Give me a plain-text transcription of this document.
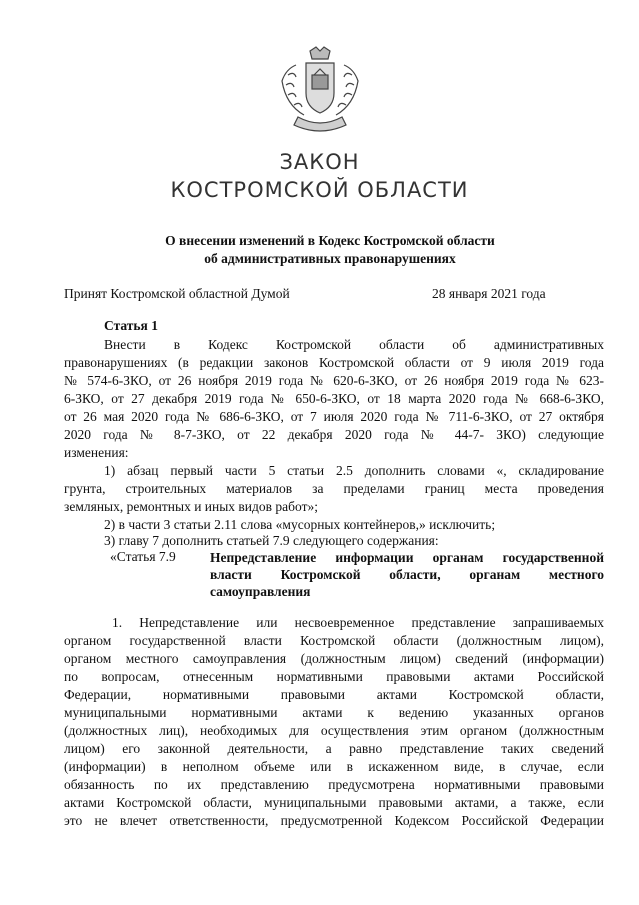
ЗАКОН
КОСТРОМСКОЙ ОБЛАСТИ
О внесении изменений в Кодекс Костромской области
об административных правонарушениях
Принят Костромской областной Думой	28 января 2021 года
Статья 1
Внести в Кодекс Костромской области об административных
правонарушениях (в редакции законов Костромской области от 9 июля 2019 года
№ 574-6-ЗКО, от 26 ноября 2019 года № 620-6-ЗКО, от 26 ноября 2019 года № 623-
6-ЗКО, от 27 декабря 2019 года № 650-6-ЗКО, от 18 марта 2020 года № 668-6-ЗКО,
от 26 мая 2020 года № 686-6-ЗКО, от 7 июля 2020 года № 711-6-ЗКО, от 27 октября
2020 года № 8-7-ЗКО, от 22 декабря 2020 года № 44-7- ЗКО) следующие
изменения:
1) абзац первый части 5 статьи 2.5 дополнить словами «, складирование
грунта, строительных материалов за пределами границ места проведения
земляных, ремонтных и иных видов работ»;
2) в части 3 статьи 2.11 слова «мусорных контейнеров,» исключить;
3) главу 7 дополнить статьей 7.9 следующего содержания:
«Статья 7.9	Непредставление информации органам государственной
власти Костромской области, органам местного
самоуправления
1. Непредставление или несвоевременное представление запрашиваемых
органом государственной власти Костромской области (должностным лицом),
органом местного самоуправления (должностным лицом) сведений (информации)
по вопросам, отнесенным нормативными правовыми актами Российской
Федерации, нормативными правовыми актами Костромской области,
муниципальными нормативными актами к ведению указанных органов
(должностных лиц), необходимых для осуществления этим органом (должностным
лицом) его законной деятельности, а равно представление таких сведений
(информации) в неполном объеме или в искаженном виде, в случае, если
обязанность по их представлению предусмотрена нормативными правовыми
актами Костромской области, муниципальными правовыми актами, а также, если
это не влечет ответственности, предусмотренной Кодексом Российской Федерации
